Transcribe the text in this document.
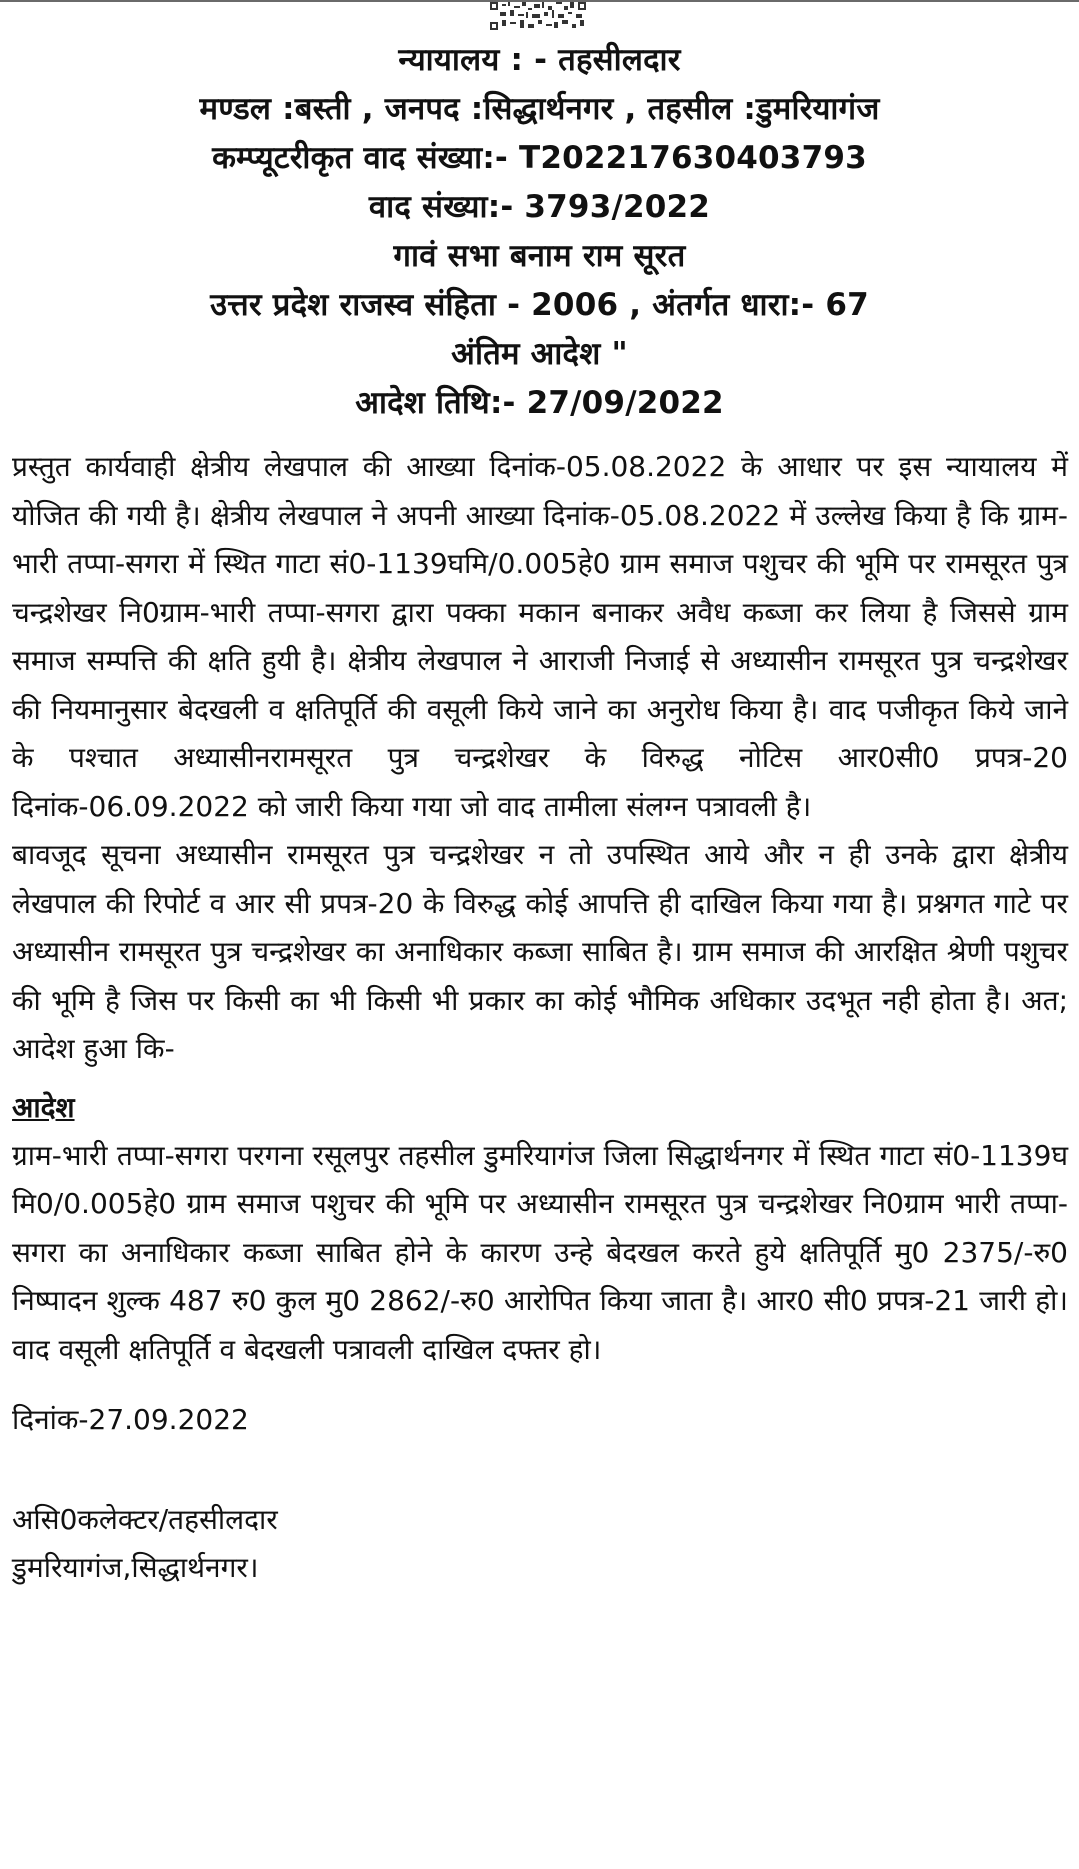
न्यायालय : - तहसीलदार
मण्डल :बस्ती , जनपद :सिद्धार्थनगर , तहसील :डुमरियागंज
कम्प्यूटरीकृत वाद संख्या:- T202217630403793
वाद संख्या:- 3793/2022
गावं सभा बनाम राम सूरत
उत्तर प्रदेश राजस्व संहिता - 2006 , अंतर्गत धारा:- 67
अंतिम आदेश "
आदेश तिथि:- 27/09/2022

प्रस्तुत कार्यवाही क्षेत्रीय लेखपाल की आख्या दिनांक-05.08.2022 के आधार पर इस न्यायालय में योजित की गयी है। क्षेत्रीय लेखपाल ने अपनी आख्या दिनांक-05.08.2022 में उल्लेख किया है कि ग्राम-भारी तप्पा-सगरा में स्थित गाटा सं0-1139घमि/0.005हे0 ग्राम समाज पशुचर की भूमि पर रामसूरत पुत्र चन्द्रशेखर नि0ग्राम-भारी तप्पा-सगरा द्वारा पक्का मकान बनाकर अवैध कब्जा कर लिया है जिससे ग्राम समाज सम्पत्ति की क्षति हुयी है। क्षेत्रीय लेखपाल ने आराजी निजाई से अध्यासीन रामसूरत पुत्र चन्द्रशेखर की नियमानुसार बेदखली व क्षतिपूर्ति की वसूली किये जाने का अनुरोध किया है। वाद पजीकृत किये जाने के पश्चात अध्यासीनरामसूरत पुत्र चन्द्रशेखर के विरुद्ध नोटिस आर0सी0 प्रपत्र-20 दिनांक-06.09.2022 को जारी किया गया जो वाद तामीला संलग्न पत्रावली है।

बावजूद सूचना अध्यासीन रामसूरत पुत्र चन्द्रशेखर न तो उपस्थित आये और न ही उनके द्वारा क्षेत्रीय लेखपाल की रिपोर्ट व आर सी प्रपत्र-20 के विरुद्ध कोई आपत्ति ही दाखिल किया गया है। प्रश्नगत गाटे पर अध्यासीन रामसूरत पुत्र चन्द्रशेखर का अनाधिकार कब्जा साबित है। ग्राम समाज की आरक्षित श्रेणी पशुचर की भूमि है जिस पर किसी का भी किसी भी प्रकार का कोई भौमिक अधिकार उदभूत नही होता है। अत; आदेश हुआ कि-

आदेश

ग्राम-भारी तप्पा-सगरा परगना रसूलपुर तहसील डुमरियागंज जिला सिद्धार्थनगर में स्थित गाटा सं0-1139घ मि0/0.005हे0 ग्राम समाज पशुचर की भूमि पर अध्यासीन रामसूरत पुत्र चन्द्रशेखर नि0ग्राम भारी तप्पा-सगरा का अनाधिकार कब्जा साबित होने के कारण उन्हे बेदखल करते हुये क्षतिपूर्ति मु0 2375/-रु0 निष्पादन शुल्क 487 रु0 कुल मु0 2862/-रु0 आरोपित किया जाता है। आर0 सी0 प्रपत्र-21 जारी हो। वाद वसूली क्षतिपूर्ति व बेदखली पत्रावली दाखिल दफ्तर हो।

दिनांक-27.09.2022
असि0कलेक्टर/तहसीलदार
डुमरियागंज,सिद्धार्थनगर।
